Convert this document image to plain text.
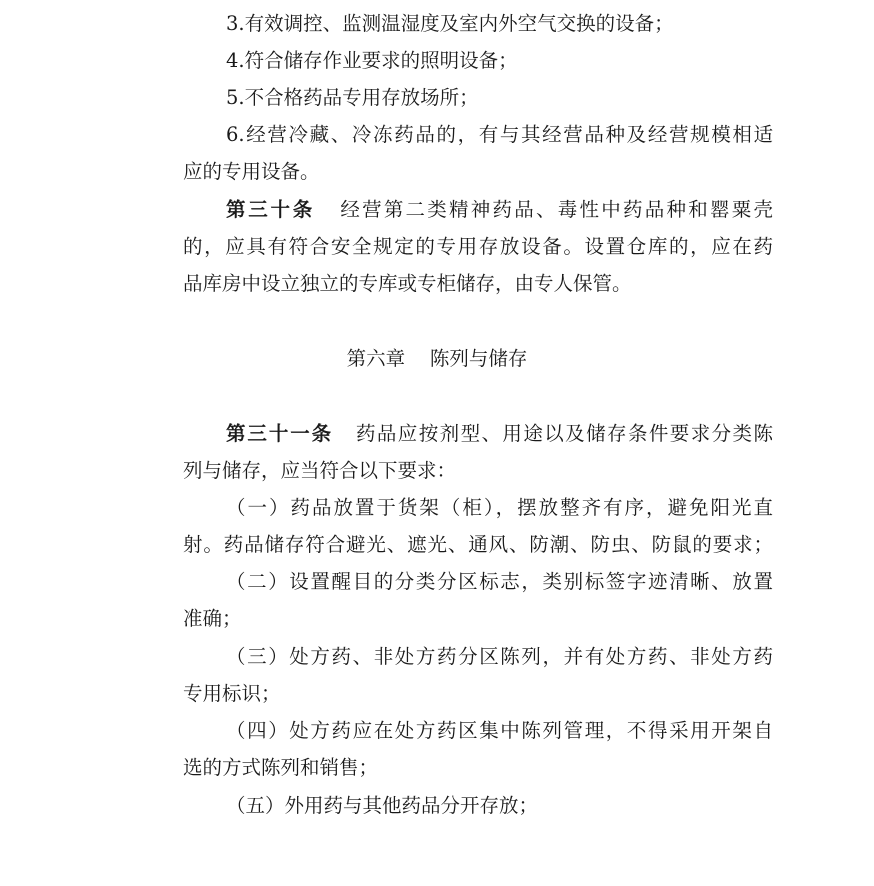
3.有效调控、监测温湿度及室内外空气交换的设备；
4.符合储存作业要求的照明设备；
5.不合格药品专用存放场所；
6.经营冷藏、冷冻药品的，有与其经营品种及经营规模相适
应的专用设备。
第三十条 经营第二类精神药品、毒性中药品种和罂粟壳
的，应具有符合安全规定的专用存放设备。设置仓库的，应在药
品库房中设立独立的专库或专柜储存，由专人保管。
第六章 陈列与储存
第三十一条 药品应按剂型、用途以及储存条件要求分类陈
列与储存，应当符合以下要求：
（一）药品放置于货架（柜），摆放整齐有序，避免阳光直
射。药品储存符合避光、遮光、通风、防潮、防虫、防鼠的要求；
（二）设置醒目的分类分区标志，类别标签字迹清晰、放置
准确；
（三）处方药、非处方药分区陈列，并有处方药、非处方药
专用标识；
（四）处方药应在处方药区集中陈列管理，不得采用开架自
选的方式陈列和销售；
（五）外用药与其他药品分开存放；
